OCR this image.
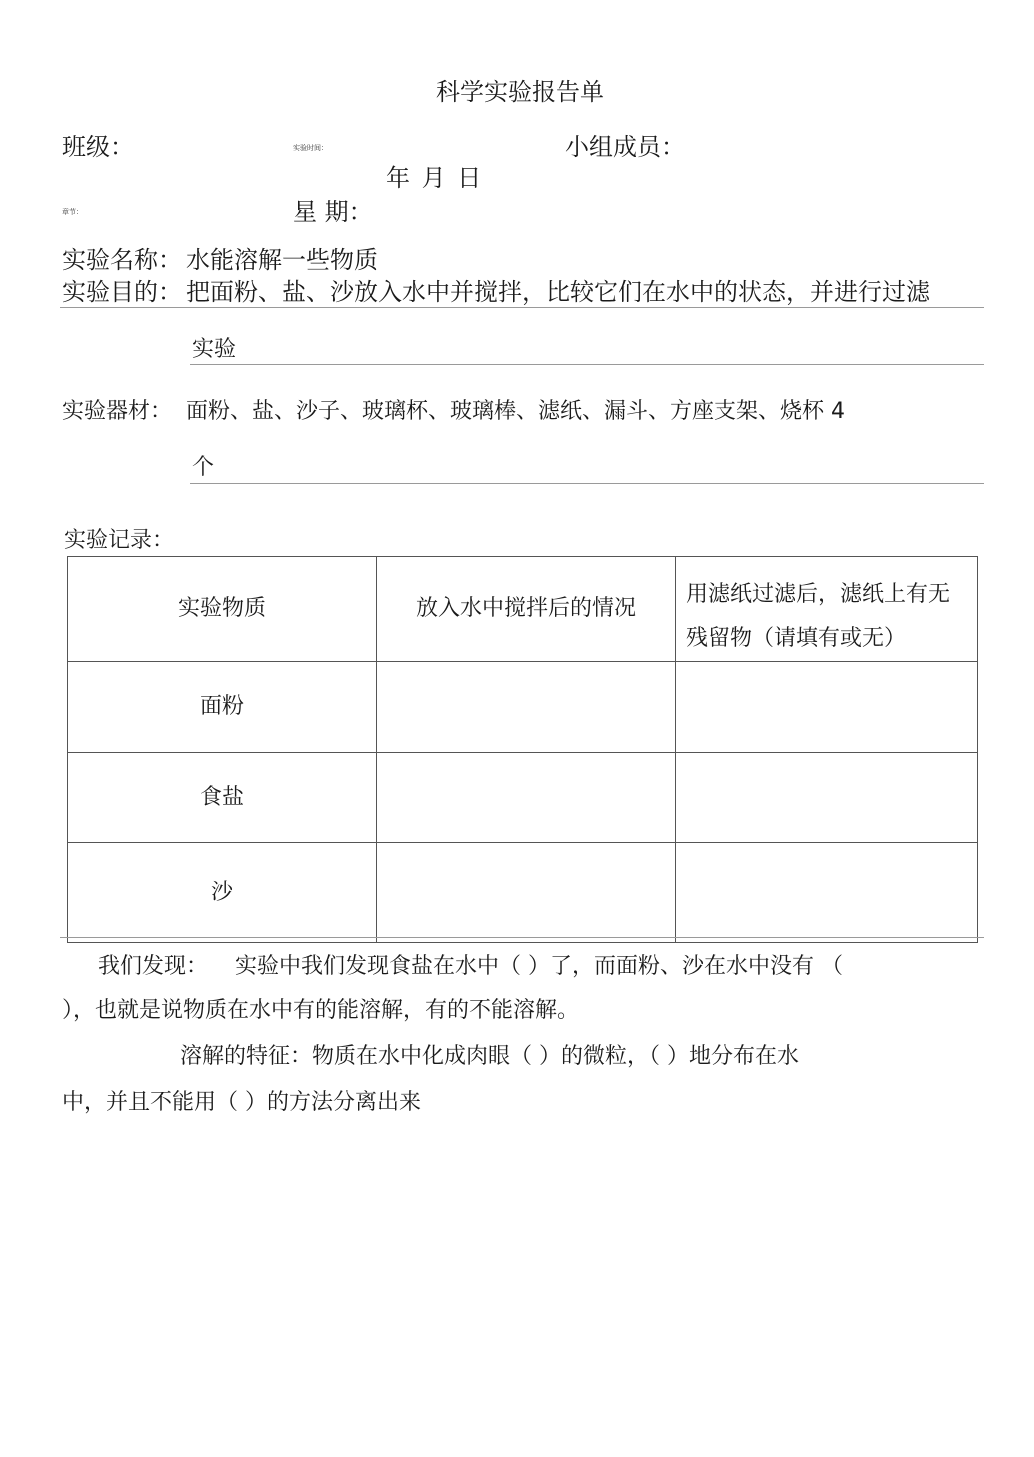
科学实验报告单
班级：	实验时间：	小组成员：
年 月 日
章节：	星 期：
实验名称： 水能溶解一些物质
实验目的： 把面粉、盐、沙放入水中并搅拌，比较它们在水中的状态，并进行过滤
实验
实验器材： 面粉、盐、沙子、玻璃杯、玻璃棒、滤纸、漏斗、方座支架、烧杯 4
个
实验记录：
实验物质	放入水中搅拌后的情况	用滤纸过滤后，滤纸上有无残留物（请填有或无）
面粉		
食盐		
沙		
我们发现： 实验中我们发现食盐在水中（ ）了，而面粉、沙在水中没有 （
），也就是说物质在水中有的能溶解，有的不能溶解。
溶解的特征：物质在水中化成肉眼（ ）的微粒，（ ）地分布在水
中，并且不能用（ ）的方法分离出来
